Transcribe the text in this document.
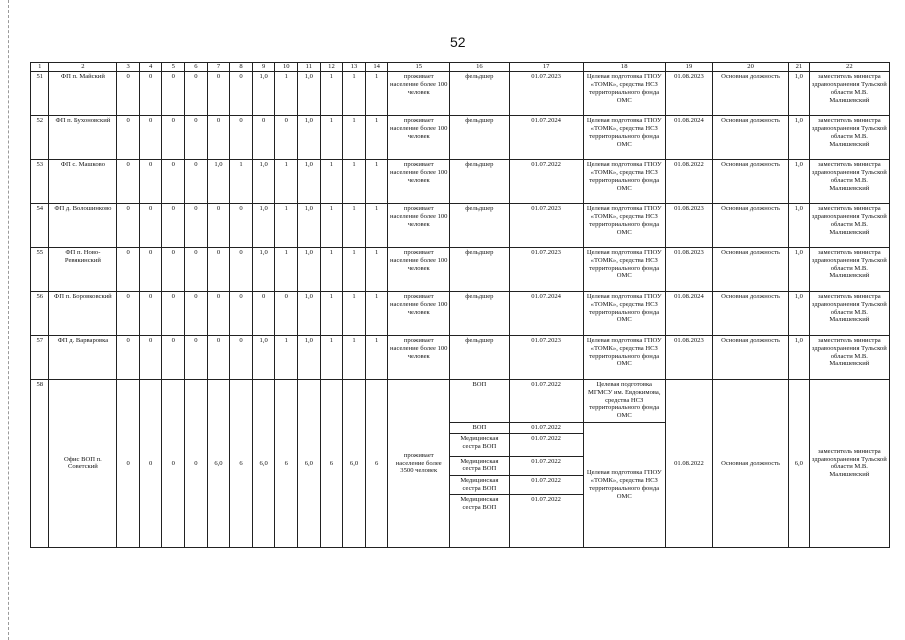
52
1	2	3	4	5	6	7	8	9	10	11	12	13	14	15	16	17	18	19	20	21	22
51	ФП п. Майский	0	0	0	0	0	0	1,0	1	1,0	1	1	1	проживает население более 100 человек	фельдшер	01.07.2023	Целевая подготовка ГПОУ «ТОМК», средства НСЗ территориального фонда ОМС	01.08.2023	Основная должность	1,0	заместитель министра здравоохранения Тульской области М.В. Малишевский
52	ФП п. Бухоновский	0	0	0	0	0	0	0	0	1,0	1	1	1	проживает население более 100 человек	фельдшер	01.07.2024	Целевая подготовка ГПОУ «ТОМК», средства НСЗ территориального фонда ОМС	01.08.2024	Основная должность	1,0	заместитель министра здравоохранения Тульской области М.В. Малишевский
53	ФП с. Машково	0	0	0	0	1,0	1	1,0	1	1,0	1	1	1	проживает население более 100 человек	фельдшер	01.07.2022	Целевая подготовка ГПОУ «ТОМК», средства НСЗ территориального фонда ОМС	01.08.2022	Основная должность	1,0	заместитель министра здравоохранения Тульской области М.В. Малишевский
54	ФП д. Волошинково	0	0	0	0	0	0	1,0	1	1,0	1	1	1	проживает население более 100 человек	фельдшер	01.07.2023	Целевая подготовка ГПОУ «ТОМК», средства НСЗ территориального фонда ОМС	01.08.2023	Основная должность	1,0	заместитель министра здравоохранения Тульской области М.В. Малишевский
55	ФП п. Ново-Ревякинский	0	0	0	0	0	0	1,0	1	1,0	1	1	1	проживает население более 100 человек	фельдшер	01.07.2023	Целевая подготовка ГПОУ «ТОМК», средства НСЗ территориального фонда ОМС	01.08.2023	Основная должность	1,0	заместитель министра здравоохранения Тульской области М.В. Малишевский
56	ФП п. Боровковский	0	0	0	0	0	0	0	0	1,0	1	1	1	проживает население более 100 человек	фельдшер	01.07.2024	Целевая подготовка ГПОУ «ТОМК», средства НСЗ территориального фонда ОМС	01.08.2024	Основная должность	1,0	заместитель министра здравоохранения Тульской области М.В. Малишевский
57	ФП д. Варваровка	0	0	0	0	0	0	1,0	1	1,0	1	1	1	проживает население более 100 человек	фельдшер	01.07.2023	Целевая подготовка ГПОУ «ТОМК», средства НСЗ территориального фонда ОМС	01.08.2023	Основная должность	1,0	заместитель министра здравоохранения Тульской области М.В. Малишевский
58	Офис ВОП п. Советский	0	0	0	0	6,0	6	6,0	6	6,0	6	6,0	6	проживает население более 3500 человек	ВОП	01.07.2022	Целевая подготовка МГМСУ им. Евдокимова, средства НСЗ территориального фонда ОМС	01.08.2022	Основная должность	6,0	заместитель министра здравоохранения Тульской области М.В. Малишевский
															ВОП	01.07.2022	Целевая подготовка ГПОУ «ТОМК», средства НСЗ территориального фонда ОМС				
															Медицинская сестра ВОП	01.07.2022					
															Медицинская сестра ВОП	01.07.2022					
															Медицинская сестра ВОП	01.07.2022					
															Медицинская сестра ВОП	01.07.2022					
